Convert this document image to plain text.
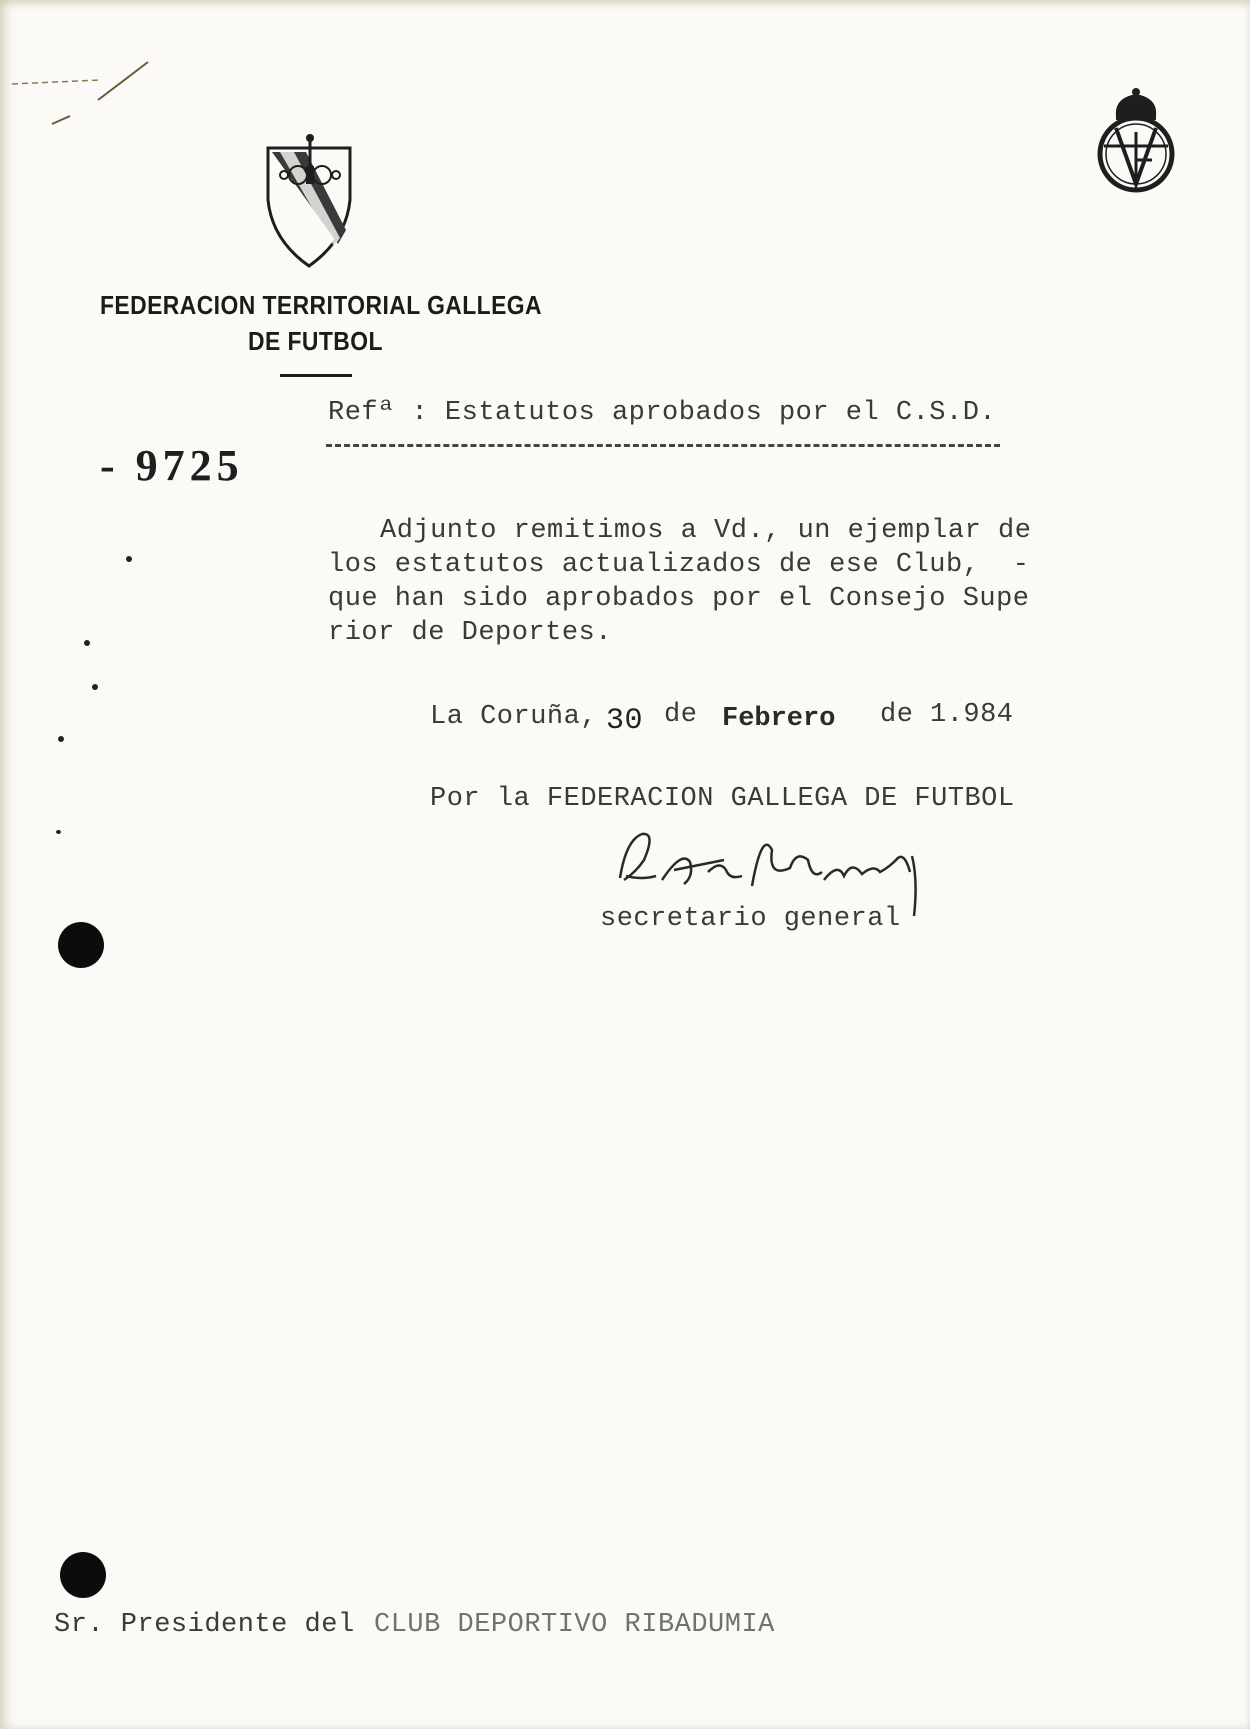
FEDERACION TERRITORIAL GALLEGA
DE FUTBOL
- 9725
Refª : Estatutos aprobados por el C.S.D.
Adjunto remitimos a Vd., un ejemplar de
los estatutos actualizados de ese Club,  -
que han sido aprobados por el Consejo Supe
rior de Deportes.
La Coruña, 30 de Febrero de 1.984
Por la FEDERACION GALLEGA DE FUTBOL
secretario general
Sr. Presidente del CLUB DEPORTIVO RIBADUMIA
